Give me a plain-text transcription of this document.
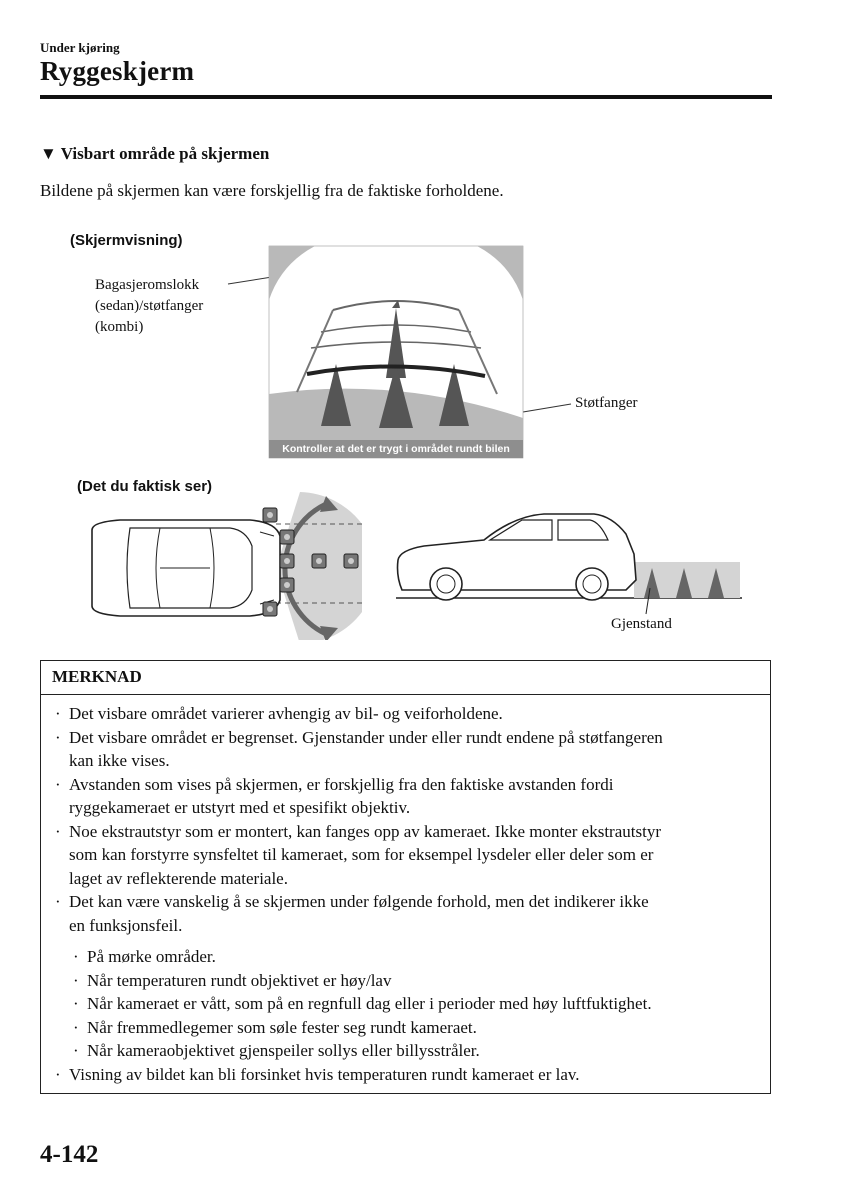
Under kjøring
Ryggeskjerm
▼ Visbart område på skjermen
Bildene på skjermen kan være forskjellig fra de faktiske forholdene.
(Skjermvisning)
Bagasjeromslokk
(sedan)/støtfanger
(kombi)
Støtfanger
Kontroller at det er trygt i området rundt bilen
(Det du faktisk ser)
Gjenstand
MERKNAD
· Det visbare området varierer avhengig av bil- og veiforholdene.
· Det visbare området er begrenset. Gjenstander under eller rundt endene på støtfangeren
kan ikke vises.
· Avstanden som vises på skjermen, er forskjellig fra den faktiske avstanden fordi
ryggekameraet er utstyrt med et spesifikt objektiv.
· Noe ekstrautstyr som er montert, kan fanges opp av kameraet. Ikke monter ekstrautstyr
som kan forstyrre synsfeltet til kameraet, som for eksempel lysdeler eller deler som er
laget av reflekterende materiale.
· Det kan være vanskelig å se skjermen under følgende forhold, men det indikerer ikke
en funksjonsfeil.
· På mørke områder.
· Når temperaturen rundt objektivet er høy/lav
· Når kameraet er vått, som på en regnfull dag eller i perioder med høy luftfuktighet.
· Når fremmedlegemer som søle fester seg rundt kameraet.
· Når kameraobjektivet gjenspeiler sollys eller billysstråler.
· Visning av bildet kan bli forsinket hvis temperaturen rundt kameraet er lav.
4-142
